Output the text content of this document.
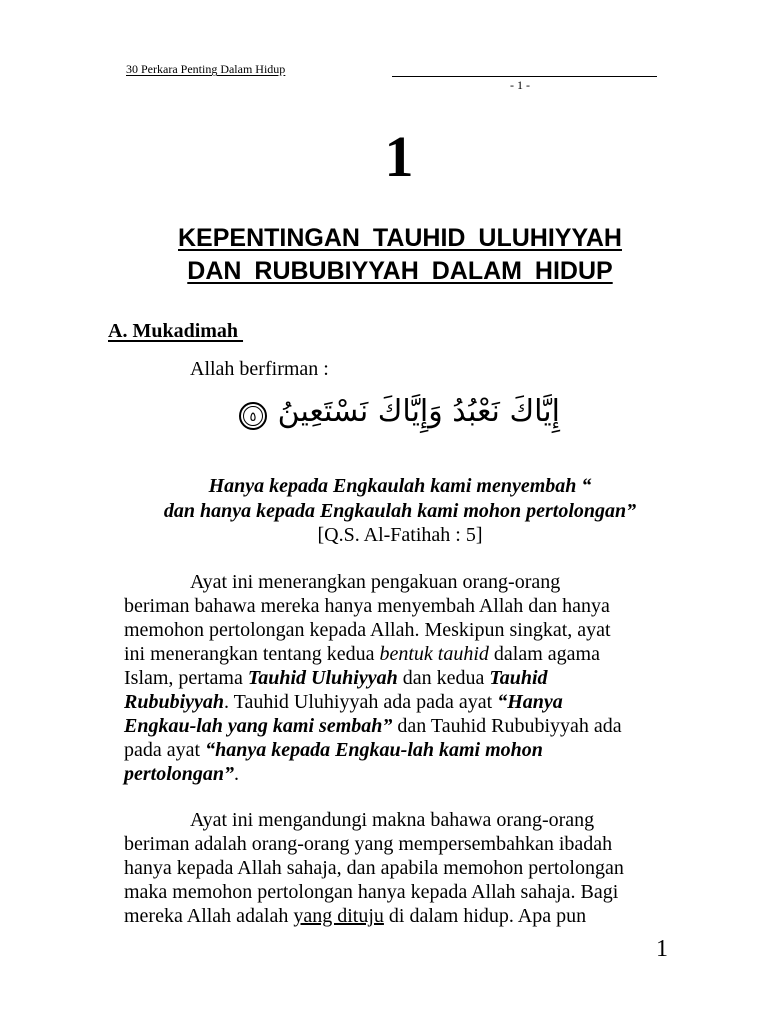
30 Perkara Penting Dalam Hidup
- 1 -
1
KEPENTINGAN TAUHID ULUHIYYAH
DAN RUBUBIYYAH DALAM HIDUP
A. Mukadimah
Allah berfirman :
إِيَّاكَ نَعْبُدُ وَإِيَّاكَ نَسْتَعِينُ
٥
Hanya kepada Engkaulah kami menyembah “
dan hanya kepada Engkaulah kami mohon pertolongan”
[Q.S. Al-Fatihah : 5]
Ayat ini menerangkan pengakuan orang-orang
beriman bahawa mereka hanya menyembah Allah dan hanya
memohon pertolongan kepada Allah. Meskipun singkat, ayat
ini menerangkan tentang kedua bentuk tauhid dalam agama
Islam, pertama Tauhid Uluhiyyah dan kedua Tauhid
Rububiyyah. Tauhid Uluhiyyah ada pada ayat “Hanya
Engkau-lah yang kami sembah” dan Tauhid Rububiyyah ada
pada ayat “hanya kepada Engkau-lah kami mohon
pertolongan”.
Ayat ini mengandungi makna bahawa orang-orang
beriman adalah orang-orang yang mempersembahkan ibadah
hanya kepada Allah sahaja, dan apabila memohon pertolongan
maka memohon pertolongan hanya kepada Allah sahaja. Bagi
mereka Allah adalah yang dituju di dalam hidup. Apa pun
1
